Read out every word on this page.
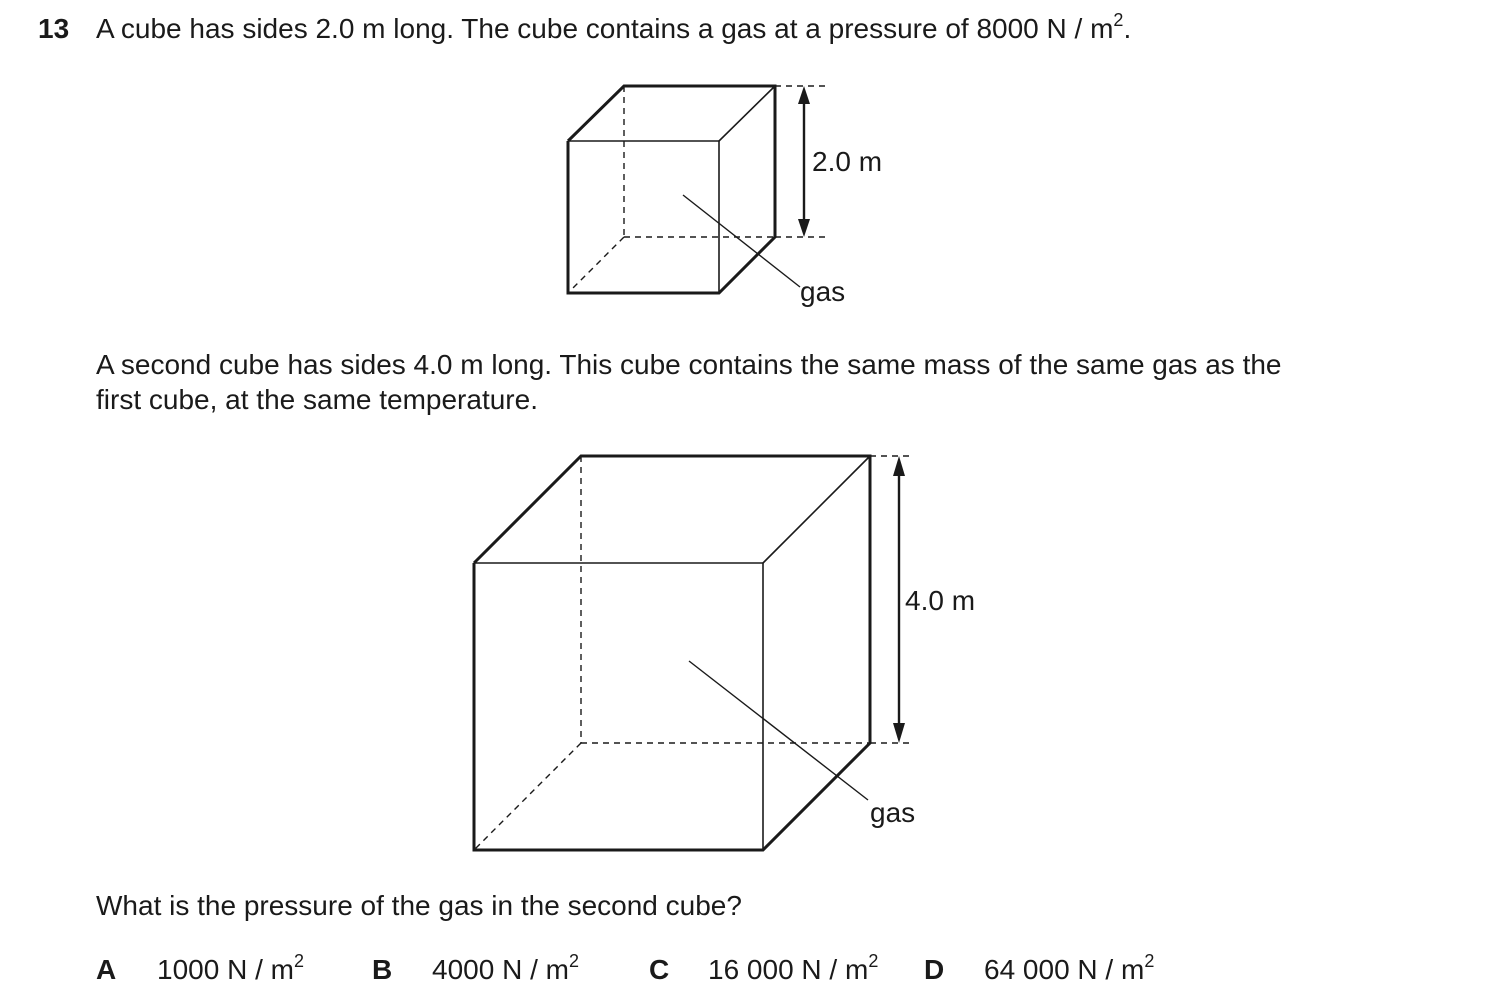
13 A cube has sides 2.0 m long. The cube contains a gas at a pressure of 8000 N / $m^2$.
2.0 m
gas
A second cube has sides 4.0 m long. This cube contains the same mass of the same gas as the
first cube, at the same temperature.
4.0 m
gas
What is the pressure of the gas in the second cube?
A 1000 N / $m^2$ B 4000 N / $m^2$	C 16 000 N / $m^2$ D 64 000 N / $m^2$
